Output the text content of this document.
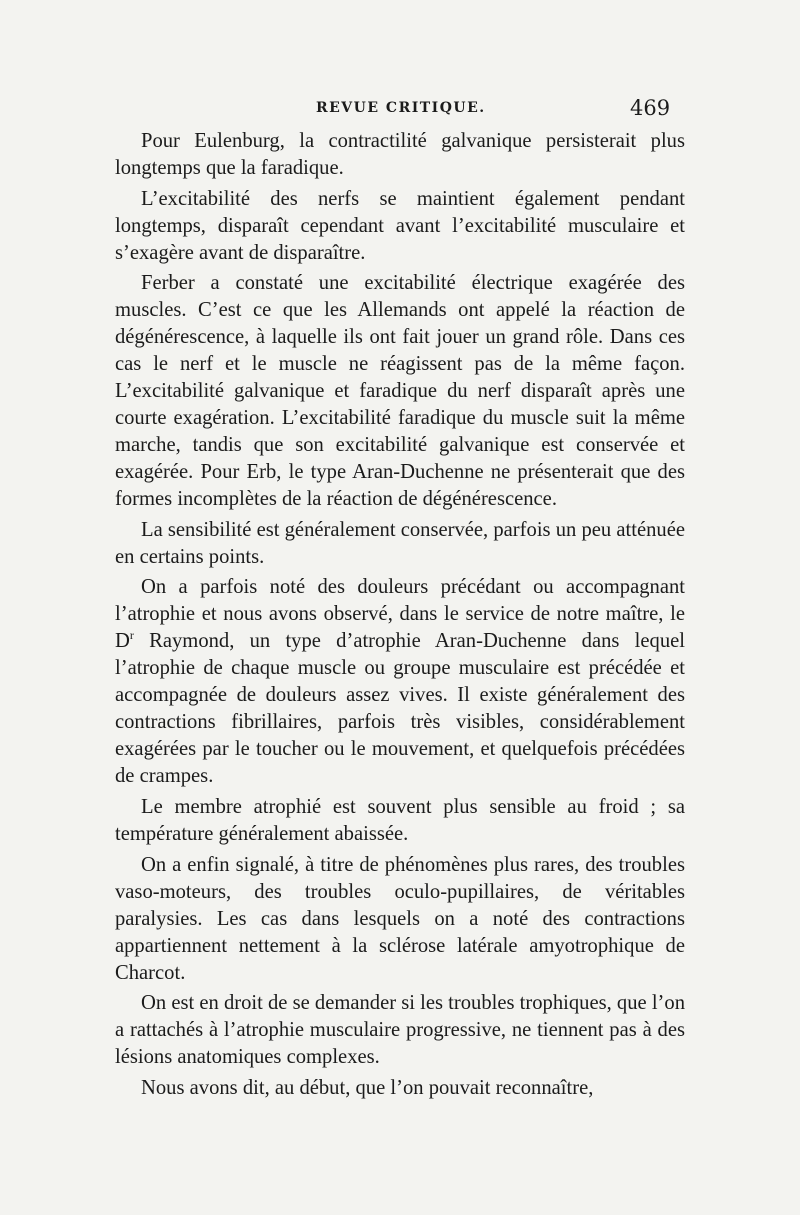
REVUE CRITIQUE.	469

Pour Eulenburg, la contractilité galvanique persisterait plus longtemps que la faradique.

L’excitabilité des nerfs se maintient également pendant longtemps, disparaît cependant avant l’excitabilité musculaire et s’exagère avant de disparaître.

Ferber a constaté une excitabilité électrique exagérée des muscles. C’est ce que les Allemands ont appelé la réaction de dégénérescence, à laquelle ils ont fait jouer un grand rôle. Dans ces cas le nerf et le muscle ne réagissent pas de la même façon. L’excitabilité galvanique et faradique du nerf disparaît après une courte exagération. L’excitabilité faradique du muscle suit la même marche, tandis que son excitabilité galvanique est conservée et exagérée. Pour Erb, le type Aran-Duchenne ne présenterait que des formes incomplètes de la réaction de dégénérescence.

La sensibilité est généralement conservée, parfois un peu atténuée en certains points.

On a parfois noté des douleurs précédant ou accompagnant l’atrophie et nous avons observé, dans le service de notre maître, le $D^r$ Raymond, un type d’atrophie Aran-Duchenne dans lequel l’atrophie de chaque muscle ou groupe musculaire est précédée et accompagnée de douleurs assez vives. Il existe généralement des contractions fibrillaires, parfois très visibles, considérablement exagérées par le toucher ou le mouvement, et quelquefois précédées de crampes.

Le membre atrophié est souvent plus sensible au froid ; sa température généralement abaissée.

On a enfin signalé, à titre de phénomènes plus rares, des troubles vaso-moteurs, des troubles oculo-pupillaires, de véritables paralysies. Les cas dans lesquels on a noté des contractions appartiennent nettement à la sclérose latérale amyotrophique de Charcot.

On est en droit de se demander si les troubles trophiques, que l’on a rattachés à l’atrophie musculaire progressive, ne tiennent pas à des lésions anatomiques complexes.

Nous avons dit, au début, que l’on pouvait reconnaître,
